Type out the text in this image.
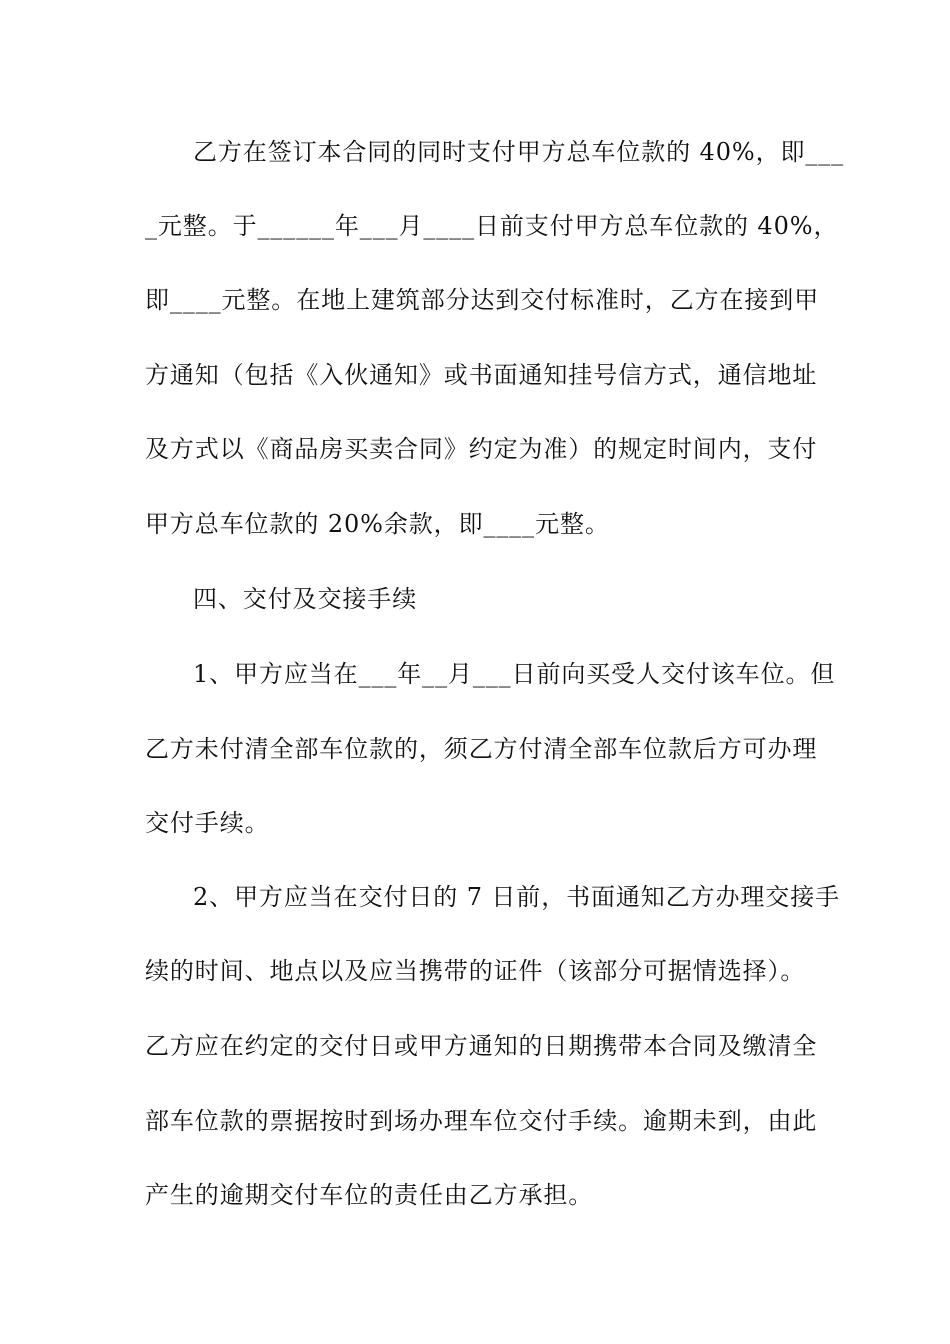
乙方在签订本合同的同时支付甲方总车位款的 40%，即___
_元整。于______年___月____日前支付甲方总车位款的 40%，
即____元整。在地上建筑部分达到交付标准时，乙方在接到甲
方通知（包括《入伙通知》或书面通知挂号信方式，通信地址
及方式以《商品房买卖合同》约定为准）的规定时间内，支付
甲方总车位款的 20%余款，即____元整。
四、交付及交接手续
1、甲方应当在___年__月___日前向买受人交付该车位。但
乙方未付清全部车位款的，须乙方付清全部车位款后方可办理
交付手续。
2、甲方应当在交付日的 7 日前，书面通知乙方办理交接手
续的时间、地点以及应当携带的证件（该部分可据情选择）。
乙方应在约定的交付日或甲方通知的日期携带本合同及缴清全
部车位款的票据按时到场办理车位交付手续。逾期未到，由此
产生的逾期交付车位的责任由乙方承担。
